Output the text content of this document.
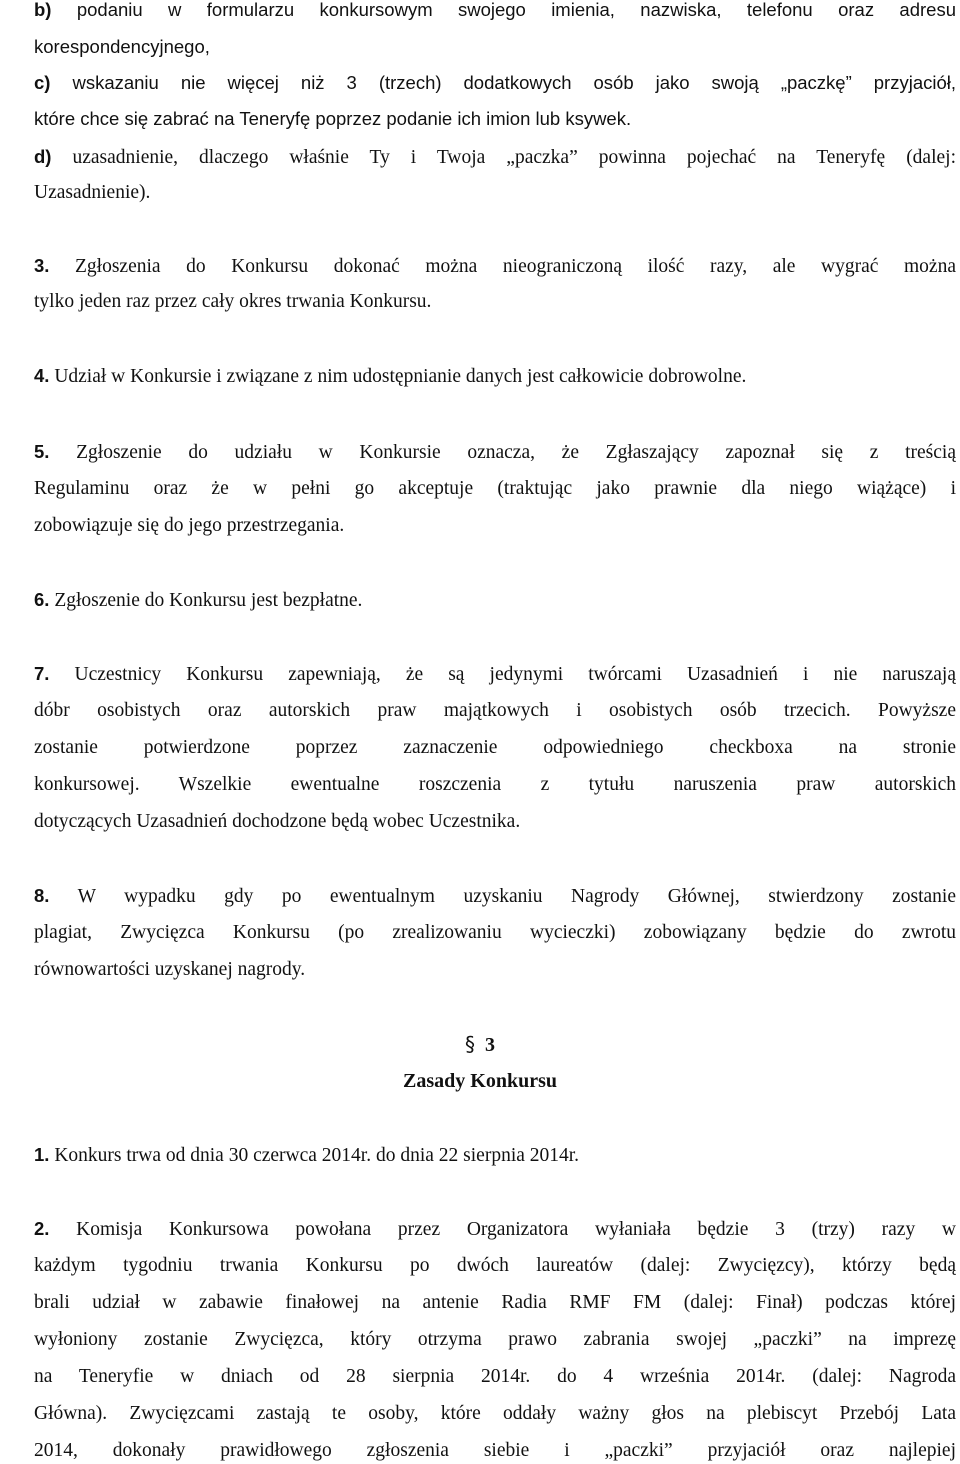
b) podaniu w formularzu konkursowym swojego imienia, nazwiska, telefonu oraz adresu
korespondencyjnego,
c) wskazaniu nie więcej niż 3 (trzech) dodatkowych osób jako swoją „paczkę” przyjaciół,
które chce się zabrać na Teneryfę poprzez podanie ich imion lub ksywek.
d) uzasadnienie, dlaczego właśnie Ty i Twoja „paczka” powinna pojechać na Teneryfę (dalej:
Uzasadnienie).
3. Zgłoszenia do Konkursu dokonać można nieograniczoną ilość razy, ale wygrać można
tylko jeden raz przez cały okres trwania Konkursu.
4. Udział w Konkursie i związane z nim udostępnianie danych jest całkowicie dobrowolne.
5. Zgłoszenie do udziału w Konkursie oznacza, że Zgłaszający zapoznał się z treścią
Regulaminu oraz że w pełni go akceptuje (traktując jako prawnie dla niego wiążące) i
zobowiązuje się do jego przestrzegania.
6. Zgłoszenie do Konkursu jest bezpłatne.
7. Uczestnicy Konkursu zapewniają, że są jedynymi twórcami Uzasadnień i nie naruszają
dóbr osobistych oraz autorskich praw majątkowych i osobistych osób trzecich. Powyższe
zostanie potwierdzone poprzez zaznaczenie odpowiedniego checkboxa na stronie
konkursowej. Wszelkie ewentualne roszczenia z tytułu naruszenia praw autorskich
dotyczących Uzasadnień dochodzone będą wobec Uczestnika.
8. W wypadku gdy po ewentualnym uzyskaniu Nagrody Głównej, stwierdzony zostanie
plagiat, Zwycięzca Konkursu (po zrealizowaniu wycieczki) zobowiązany będzie do zwrotu
równowartości uzyskanej nagrody.
§ 3
Zasady Konkursu
1. Konkurs trwa od dnia 30 czerwca 2014r. do dnia 22 sierpnia 2014r.
2. Komisja Konkursowa powołana przez Organizatora wyłaniała będzie 3 (trzy) razy w
każdym tygodniu trwania Konkursu po dwóch laureatów (dalej: Zwycięzcy), którzy będą
brali udział w zabawie finałowej na antenie Radia RMF FM (dalej: Finał) podczas której
wyłoniony zostanie Zwycięzca, który otrzyma prawo zabrania swojej „paczki” na imprezę
na Teneryfie w dniach od 28 sierpnia 2014r. do 4 września 2014r. (dalej: Nagroda
Główna). Zwycięzcami zastają te osoby, które oddały ważny głos na plebiscyt Przebój Lata
2014, dokonały prawidłowego zgłoszenia siebie i „paczki” przyjaciół oraz najlepiej
